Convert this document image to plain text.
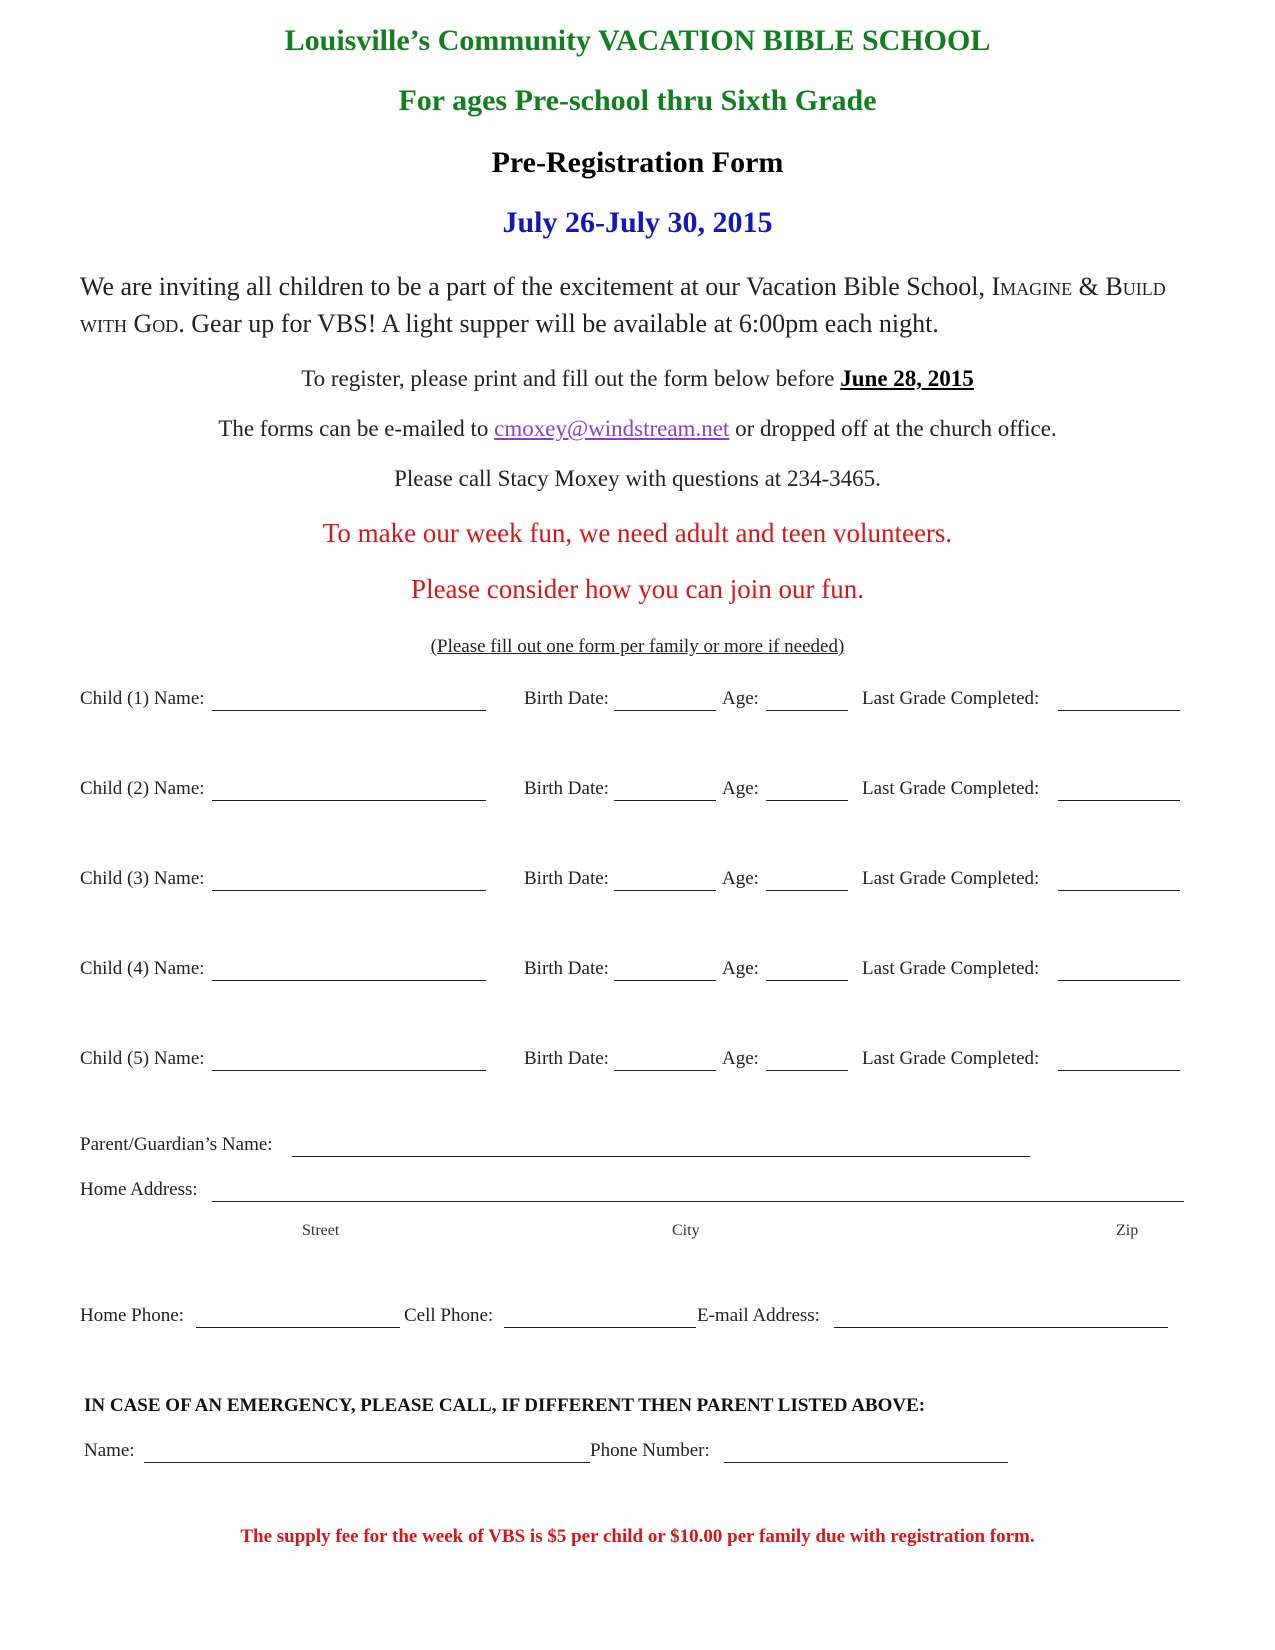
Louisville’s Community VACATION BIBLE SCHOOL
For ages Pre-school thru Sixth Grade
Pre-Registration Form
July 26-July 30, 2015
We are inviting all children to be a part of the excitement at our Vacation Bible School, Imagine & Build with God. Gear up for VBS! A light supper will be available at 6:00pm each night.
To register, please print and fill out the form below before June 28, 2015
The forms can be e-mailed to cmoxey@windstream.net or dropped off at the church office.
Please call Stacy Moxey with questions at 234-3465.
To make our week fun, we need adult and teen volunteers.
Please consider how you can join our fun.
(Please fill out one form per family or more if needed)
Child (1) Name:	Birth Date:	Age:	Last Grade Completed:
Child (2) Name:	Birth Date:	Age:	Last Grade Completed:
Child (3) Name:	Birth Date:	Age:	Last Grade Completed:
Child (4) Name:	Birth Date:	Age:	Last Grade Completed:
Child (5) Name:	Birth Date:	Age:	Last Grade Completed:
Parent/Guardian’s Name:
Home Address:
Street	City	Zip
Home Phone:	Cell Phone:	E-mail Address:
IN CASE OF AN EMERGENCY, PLEASE CALL, IF DIFFERENT THEN PARENT LISTED ABOVE:
Name:	Phone Number:
The supply fee for the week of VBS is $5 per child or $10.00 per family due with registration form.
